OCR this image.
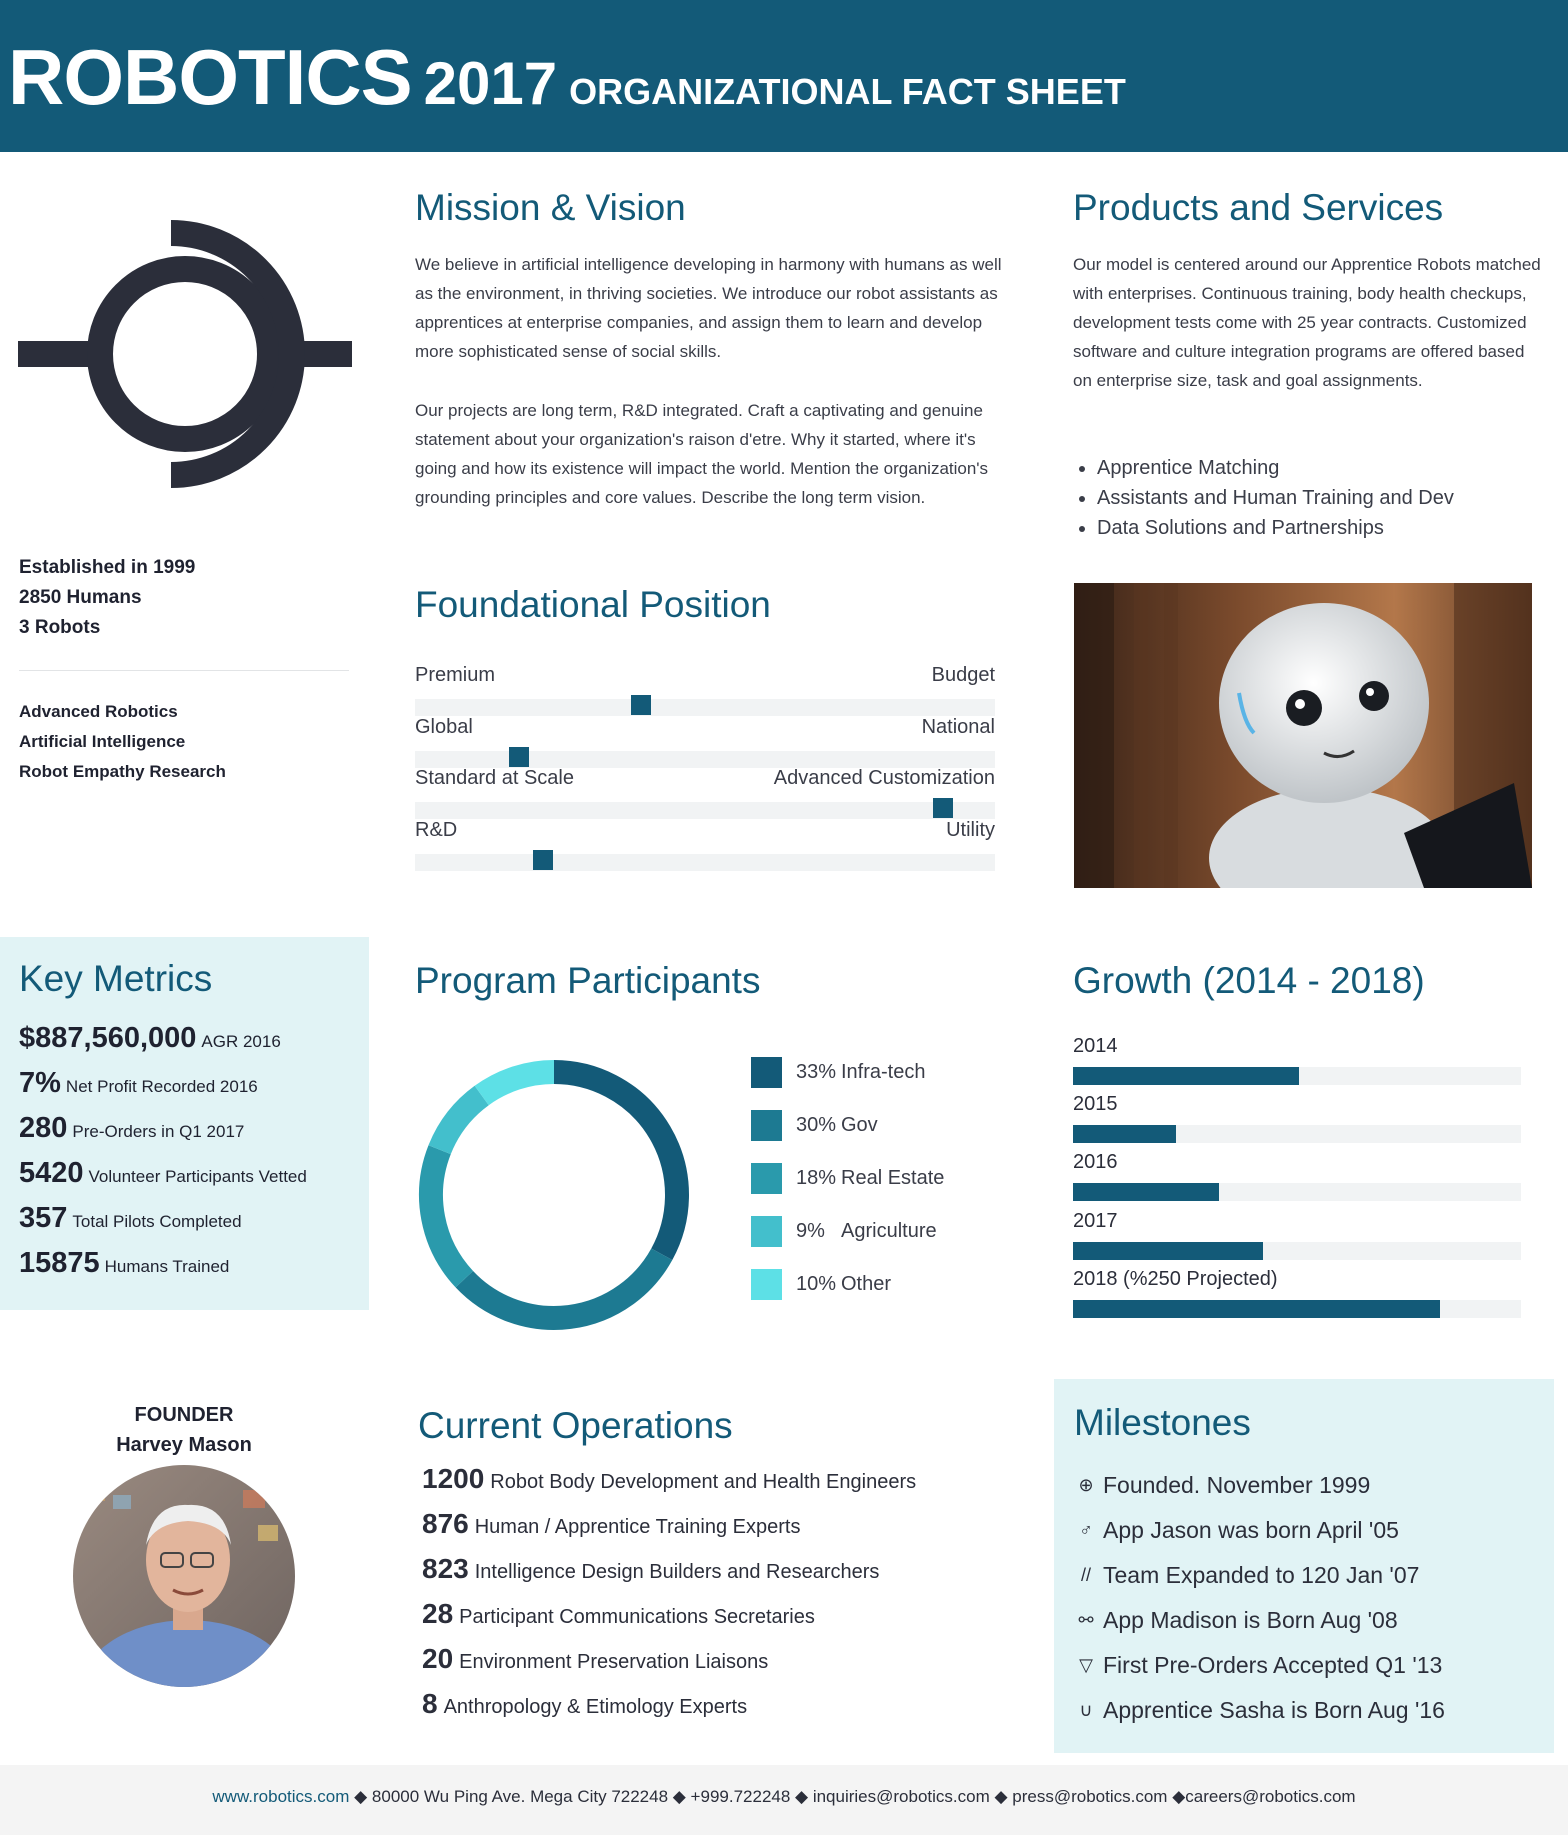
ROBOTICS 2017 ORGANIZATIONAL FACT SHEET
Established in 1999
2850 Humans
3 Robots
Advanced Robotics
Artificial Intelligence
Robot Empathy Research
Mission & Vision

We believe in artificial intelligence developing in harmony with humans as well as the environment, in thriving societies. We introduce our robot assistants as apprentices at enterprise companies, and assign them to learn and develop more sophisticated sense of social skills.

Our projects are long term, R&D integrated. Craft a captivating and genuine statement about your organization's raison d'etre. Why it started, where it's going and how its existence will impact the world. Mention the organization's grounding principles and core values. Describe the long term vision.

Products and Services

Our model is centered around our Apprentice Robots matched with enterprises. Continuous training, body health checkups, development tests come with 25 year contracts. Customized software and culture integration programs are offered based on enterprise size, task and goal assignments.

• Apprentice Matching
• Assistants and Human Training and Dev
• Data Solutions and Partnerships
Foundational Position
Premium	Budget
Global	National
Standard at Scale	Advanced Customization
R&D	Utility
Key Metrics
$887,560,000 AGR 2016
7% Net Profit Recorded 2016
280 Pre-Orders in Q1 2017
5420 Volunteer Participants Vetted
357 Total Pilots Completed
15875 Humans Trained
Program Participants
33% Infra-tech
30% Gov
18% Real Estate
9% Agriculture
10% Other
Growth (2014 - 2018)
2014
2015
2016
2017
2018 (%250 Projected)
FOUNDER
Harvey Mason	Current Operations
1200 Robot Body Development and Health Engineers
876 Human / Apprentice Training Experts
823 Intelligence Design Builders and Researchers
28 Participant Communications Secretaries
20 Environment Preservation Liaisons
8 Anthropology & Etimology Experts
Milestones
⊕ Founded. November 1999
♂ App Jason was born April '05
// Team Expanded to 120 Jan '07
⚯ App Madison is Born Aug '08
▽ First Pre-Orders Accepted Q1 '13
∪ Apprentice Sasha is Born Aug '16
www.robotics.com ◆ 80000 Wu Ping Ave. Mega City 722248 ◆ +999.722248 ◆ inquiries@robotics.com ◆ press@robotics.com ◆careers@robotics.com
